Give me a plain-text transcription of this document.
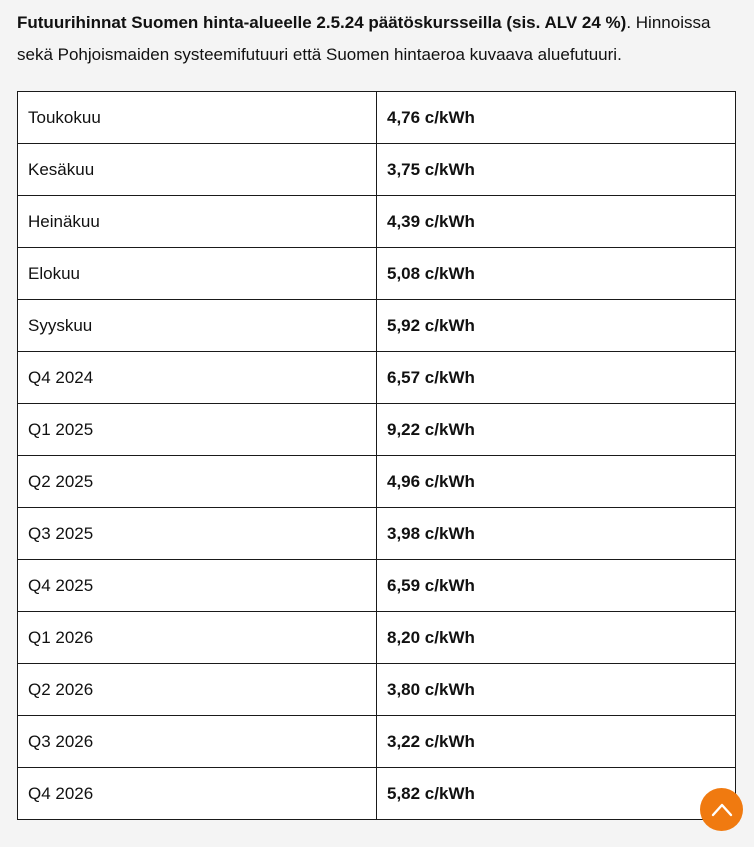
Futuurihinnat Suomen hinta-alueelle 2.5.24 päätöskursseilla (sis. ALV 24 %). Hinnoissa sekä Pohjoismaiden systeemifutuuri että Suomen hintaeroa kuvaava aluefutuuri.

Toukokuu	4,76 c/kWh
Kesäkuu	3,75 c/kWh
Heinäkuu	4,39 c/kWh
Elokuu	5,08 c/kWh
Syyskuu	5,92 c/kWh
Q4 2024	6,57 c/kWh
Q1 2025	9,22 c/kWh
Q2 2025	4,96 c/kWh
Q3 2025	3,98 c/kWh
Q4 2025	6,59 c/kWh
Q1 2026	8,20 c/kWh
Q2 2026	3,80 c/kWh
Q3 2026	3,22 c/kWh
Q4 2026	5,82 c/kWh
